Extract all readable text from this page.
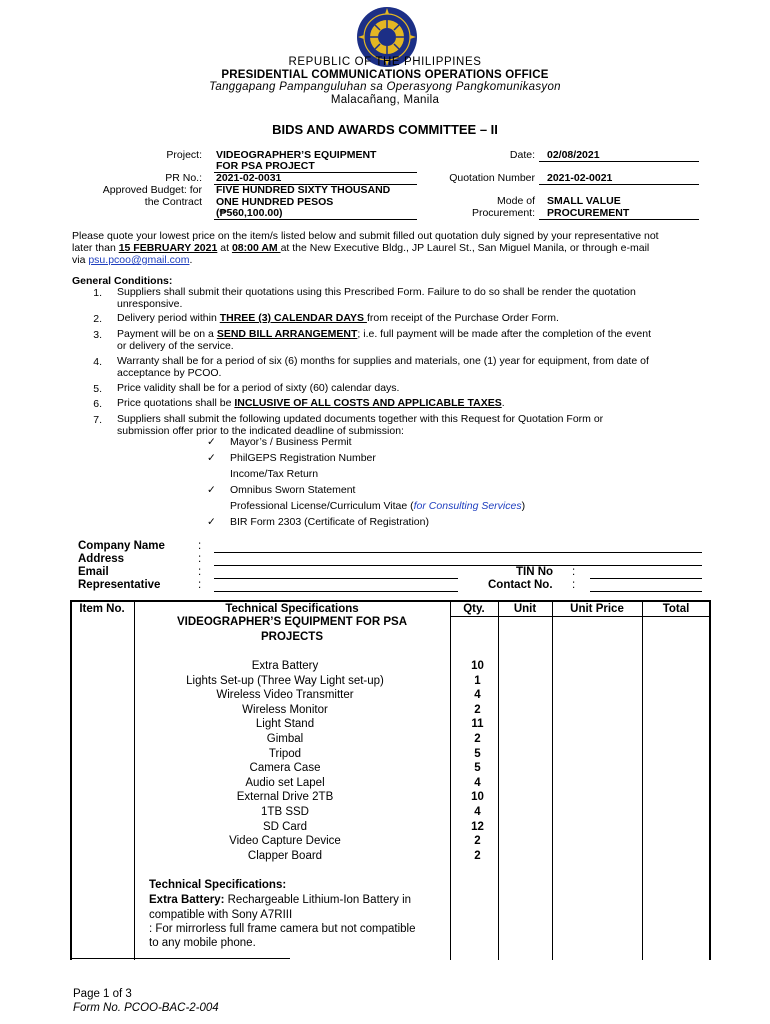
REPUBLIC OF THE PHILIPPINES
PRESIDENTIAL COMMUNICATIONS OPERATIONS OFFICE
Tanggapang Pampanguluhan sa Operasyong Pangkomunikasyon
Malacañang, Manila
BIDS AND AWARDS COMMITTEE – II
Project: VIDEOGRAPHER’S EQUIPMENT
FOR PSA PROJECT
PR No.: 2021-02-0031
Approved Budget: for
the Contract
FIVE HUNDRED SIXTY THOUSAND
ONE HUNDRED PESOS
(₱560,100.00)
Date:	02/08/2021
Quotation Number	2021-02-0021
Mode of
Procurement:
SMALL VALUE
PROCUREMENT
Please quote your lowest price on the item/s listed below and submit filled out quotation duly signed by your representative not
later than 15 FEBRUARY 2021 at 08:00 AM at the New Executive Bldg., JP Laurel St., San Miguel Manila, or through e-mail
via psu.pcoo@gmail.com.
General Conditions:
1. Suppliers shall submit their quotations using this Prescribed Form. Failure to do so shall be render the quotation
unresponsive.
2. Delivery period within THREE (3) CALENDAR DAYS from receipt of the Purchase Order Form.
3. Payment will be on a SEND BILL ARRANGEMENT; i.e. full payment will be made after the completion of the event
or delivery of the service.
4. Warranty shall be for a period of six (6) months for supplies and materials, one (1) year for equipment, from date of
acceptance by PCOO.
5. Price validity shall be for a period of sixty (60) calendar days.
6. Price quotations shall be INCLUSIVE OF ALL COSTS AND APPLICABLE TAXES.
7. Suppliers shall submit the following updated documents together with this Request for Quotation Form or
submission offer prior to the indicated deadline of submission:
✓ Mayor’s / Business Permit
✓ PhilGEPS Registration Number
Income/Tax Return
✓ Omnibus Sworn Statement
Professional License/Curriculum Vitae (for Consulting Services)
✓ BIR Form 2303 (Certificate of Registration)
Company Name	:
Address	:
Email	:	TIN No :
Representative	:	Contact No. :
Item No.	Technical Specifications	Qty.	Unit	Unit Price	Total
VIDEOGRAPHER’S EQUIPMENT FOR PSA
PROJECTS
Extra Battery	10
Lights Set-up (Three Way Light set-up)	1
Wireless Video Transmitter	4
Wireless Monitor	2
Light Stand	11
Gimbal	2
Tripod	5
Camera Case	5
Audio set Lapel	4
External Drive 2TB	10
1TB SSD	4
SD Card	12
Video Capture Device	2
Clapper Board	2
Technical Specifications:
Extra Battery: Rechargeable Lithium-Ion Battery in
compatible with Sony A7RIII
: For mirrorless full frame camera but not compatible
to any mobile phone.
Page 1 of 3
Form No. PCOO-BAC-2-004
